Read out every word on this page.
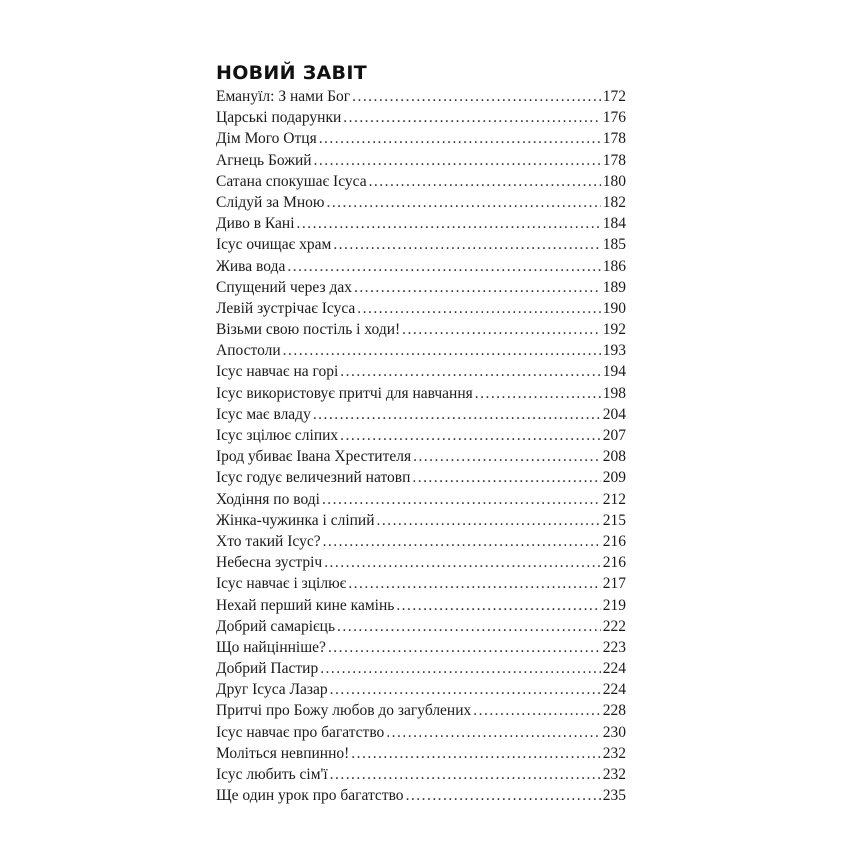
НОВИЙ ЗАВІТ
Емануїл: З нами Бог . . .	172
Царські подарунки . . .	176
Дім Мого Отця . . .	178
Агнець Божий . . .	178
Сатана спокушає Ісуса . . .	180
Слідуй за Мною . . .	182
Диво в Кані . . .	184
Ісус очищає храм . . .	185
Жива вода . . .	186
Спущений через дах . . .	189
Левій зустрічає Ісуса . . .	190
Візьми свою постіль і ходи! . . .	192
Апостоли . . .	193
Ісус навчає на горі . . .	194
Ісус використовує притчі для навчання . . .	198
Ісус має владу . . .	204
Ісус зцілює сліпих . . .	207
Ірод убиває Івана Хрестителя . . .	208
Ісус годує величезний натовп . . .	209
Ходіння по воді . . .	212
Жінка-чужинка і сліпий . . .	215
Хто такий Ісус? . . .	216
Небесна зустріч . . .	216
Ісус навчає і зцілює . . .	217
Нехай перший кине камінь . . .	219
Добрий самарієць . . .	222
Що найцінніше? . . .	223
Добрий Пастир . . .	224
Друг Ісуса Лазар . . .	224
Притчі про Божу любов до загублених . . .	228
Ісус навчає про багатство . . .	230
Моліться невпинно! . . .	232
Ісус любить сім'ї . . .	232
Ще один урок про багатство . . .	235
